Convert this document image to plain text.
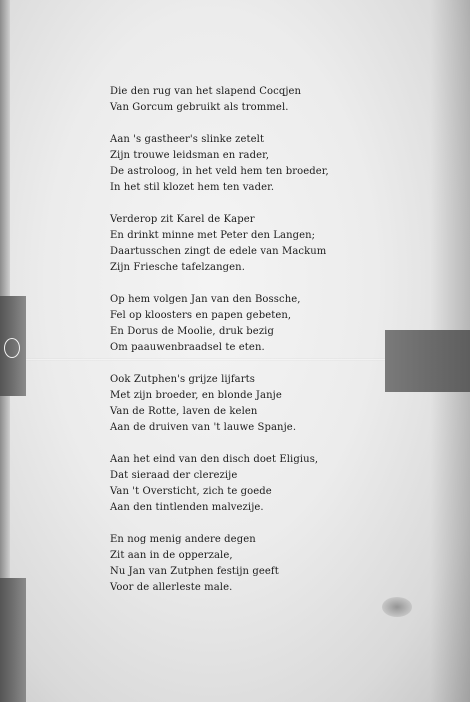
Die den rug van het slapend Cocqjen
Van Gorcum gebruikt als trommel.
Aan 's gastheer's slinke zetelt
Zijn trouwe leidsman en rader,
De astroloog, in het veld hem ten broeder,
In het stil klozet hem ten vader.
Verderop zit Karel de Kaper
En drinkt minne met Peter den Langen;
Daartusschen zingt de edele van Mackum
Zijn Friesche tafelzangen.
Op hem volgen Jan van den Bossche,
Fel op kloosters en papen gebeten,
En Dorus de Moolie, druk bezig
Om paauwenbraadsel te eten.
Ook Zutphen's grijze lijfarts
Met zijn broeder, en blonde Janje
Van de Rotte, laven de kelen
Aan de druiven van 't lauwe Spanje.
Aan het eind van den disch doet Eligius,
Dat sieraad der clerezije
Van 't Oversticht, zich te goede
Aan den tintlenden malvezije.
En nog menig andere degen
Zit aan in de opperzale,
Nu Jan van Zutphen festijn geeft
Voor de allerleste male.
